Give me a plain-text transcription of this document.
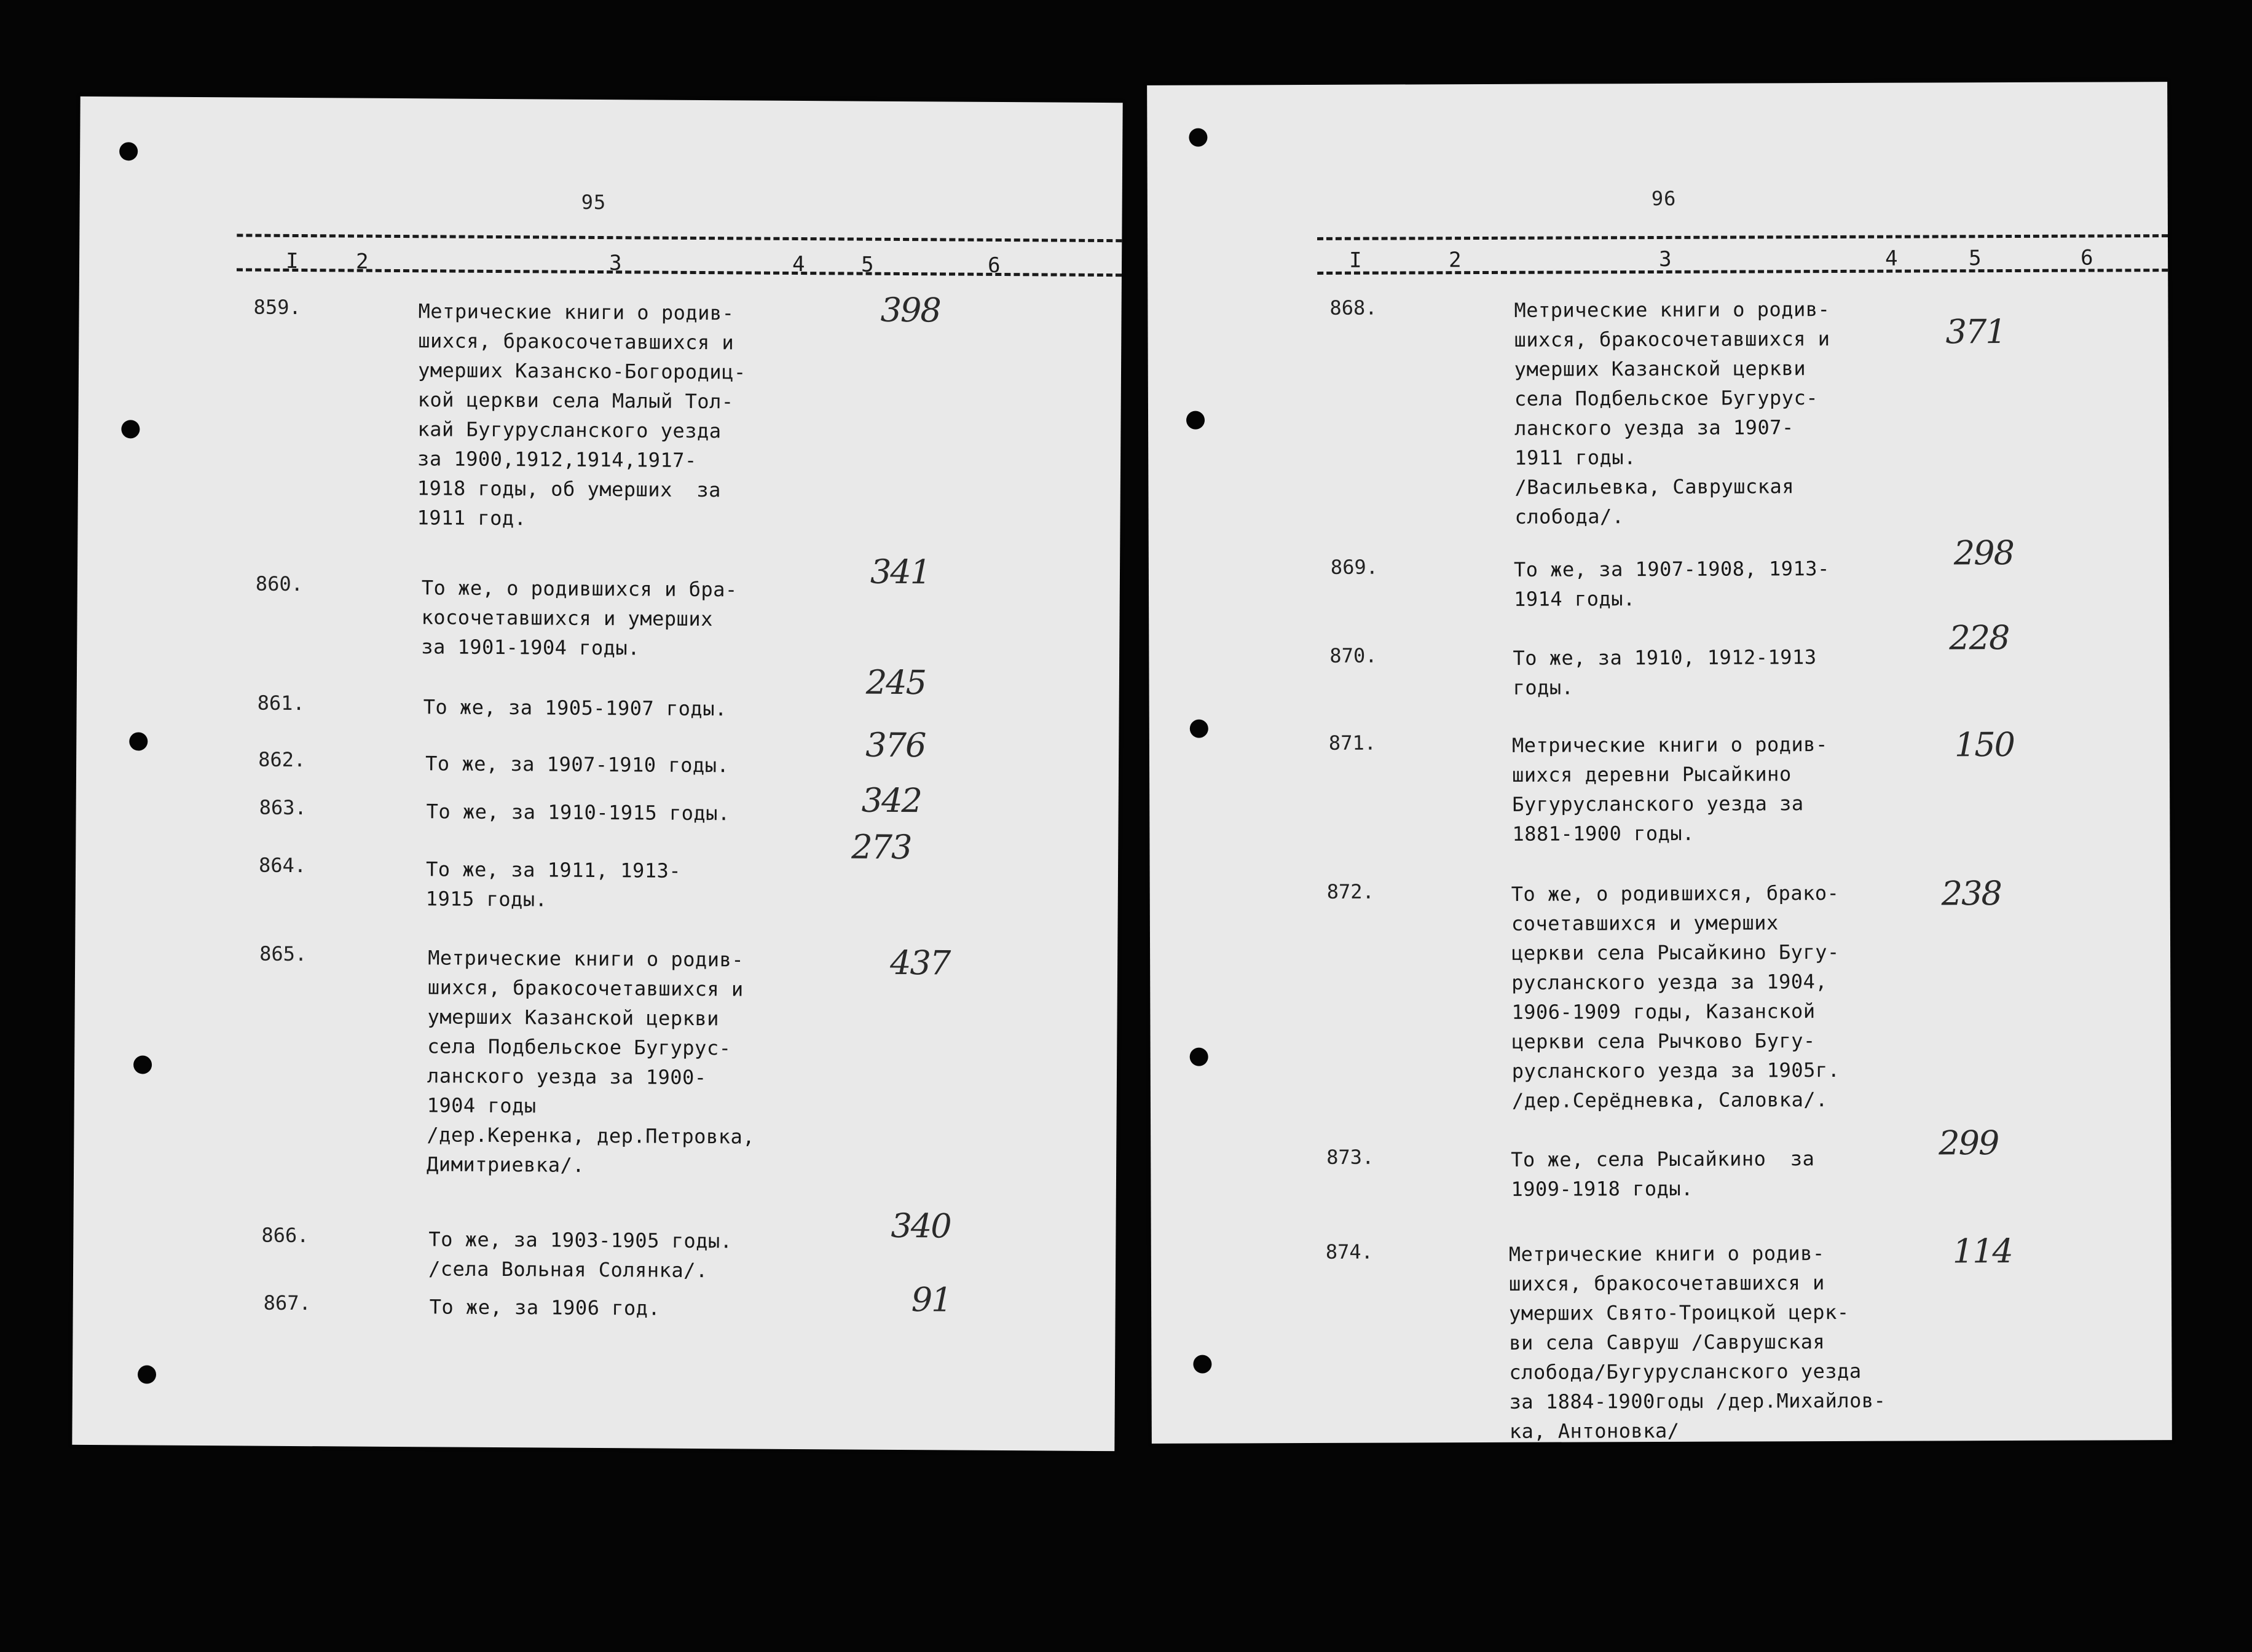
95
I	2	3	4	5	6
859.	Метрические книги о родив-
шихся, бракосочетавшихся и
умерших Казанско-Богородиц-
кой церкви села Малый Тол-
кай Бугурусланского уезда
за 1900,1912,1914,1917-
1918 годы, об умерших  за
1911 год.
398
860.	То же, о родившихся и бра-
косочетавшихся и умерших
за 1901-1904 годы.
341
861.	То же, за 1905-1907 годы.
245
862.	То же, за 1907-1910 годы.	376
863.	То же, за 1910-1915 годы.	342
864.	То же, за 1911, 1913-
1915 годы.
273
865.	Метрические книги о родив-
шихся, бракосочетавшихся и
умерших Казанской церкви
села Подбельское Бугурус-
ланского уезда за 1900-
1904 годы
/дер.Керенка, дер.Петровка,
Димитриевка/.
437
866.	То же, за 1903-1905 годы.
/села Вольная Солянка/.
340
867.	То же, за 1906 год.	91
96
I	2	3	4	5	6
868.	Метрические книги о родив-
шихся, бракосочетавшихся и
умерших Казанской церкви
села Подбельское Бугурус-
ланского уезда за 1907-
1911 годы.
/Васильевка, Саврушская
слобода/.
371
869.	То же, за 1907-1908, 1913-
1914 годы.
298
870.	То же, за 1910, 1912-1913
годы.
228
871.	Метрические книги о родив-
шихся деревни Рысайкино
Бугурусланского уезда за
1881-1900 годы.
150
872.	То же, о родившихся, брако-
сочетавшихся и умерших
церкви села Рысайкино Бугу-
русланского уезда за 1904,
1906-1909 годы, Казанской
церкви села Рычково Бугу-
русланского уезда за 1905г.
/дер.Серёдневка, Саловка/.
238
873.	То же, села Рысайкино  за
1909-1918 годы.
299
874.	Метрические книги о родив-
шихся, бракосочетавшихся и
умерших Свято-Троицкой церк-
ви села Савруш /Саврушская
слобода/Бугурусланского уезда
за 1884-1900годы /дер.Михайлов-
ка, Антоновка/
114
